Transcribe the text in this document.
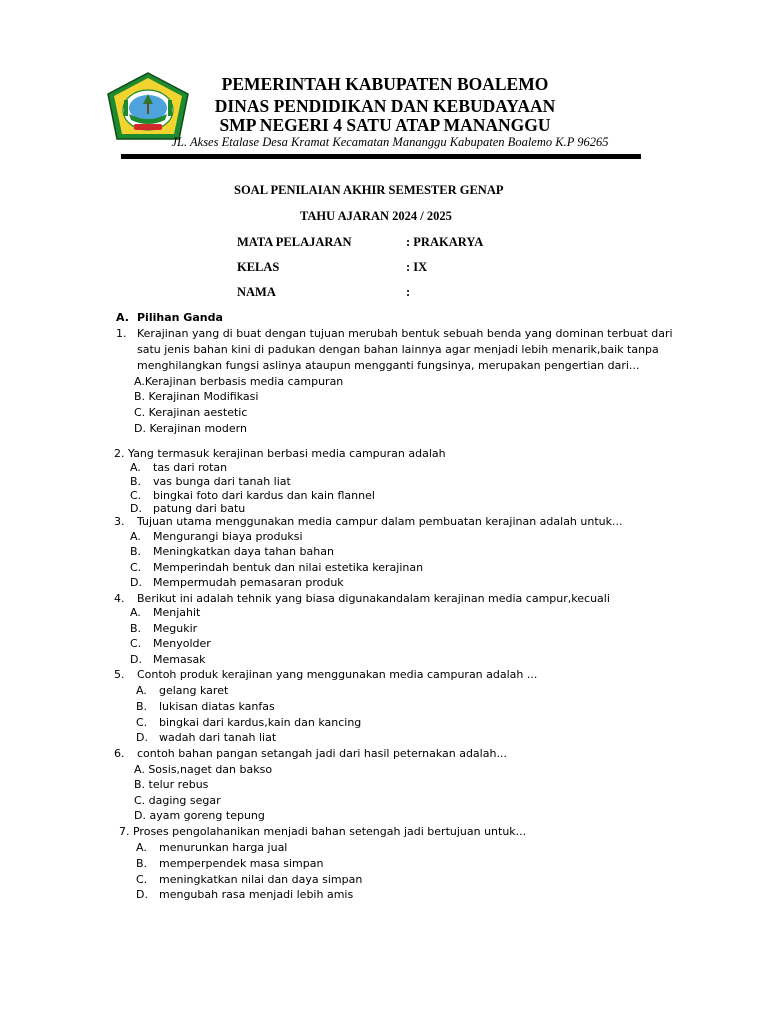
PEMERINTAH KABUPATEN BOALEMO
DINAS PENDIDIKAN DAN KEBUDAYAAN
SMP NEGERI 4 SATU ATAP MANANGGU
JL. Akses Etalase Desa Kramat Kecamatan Mananggu Kabupaten Boalemo K.P 96265
SOAL PENILAIAN AKHIR SEMESTER GENAP
TAHU AJARAN 2024 / 2025
MATA PELAJARAN	: PRAKARYA
KELAS	: IX
NAMA	:
A. Pilihan Ganda
1. Kerajinan yang di buat dengan tujuan merubah bentuk sebuah benda yang dominan terbuat dari
satu jenis bahan kini di padukan dengan bahan lainnya agar menjadi lebih menarik,baik tanpa
menghilangkan fungsi aslinya ataupun mengganti fungsinya, merupakan pengertian dari...
A.Kerajinan berbasis media campuran
B. Kerajinan Modifikasi
C. Kerajinan aestetic
D. Kerajinan modern
2. Yang termasuk kerajinan berbasi media campuran adalah
A. tas dari rotan
B. vas bunga dari tanah liat
C. bingkai foto dari kardus dan kain flannel
D. patung dari batu
3. Tujuan utama menggunakan media campur dalam pembuatan kerajinan adalah untuk...
A. Mengurangi biaya produksi
B. Meningkatkan daya tahan bahan
C. Memperindah bentuk dan nilai estetika kerajinan
D. Mempermudah pemasaran produk
4. Berikut ini adalah tehnik yang biasa digunakandalam kerajinan media campur,kecuali
A. Menjahit
B. Megukir
C. Menyolder
D. Memasak
5. Contoh produk kerajinan yang menggunakan media campuran adalah ...
A. gelang karet
B. lukisan diatas kanfas
C. bingkai dari kardus,kain dan kancing
D. wadah dari tanah liat
6. contoh bahan pangan setangah jadi dari hasil peternakan adalah...
A. Sosis,naget dan bakso
B. telur rebus
C. daging segar
D. ayam goreng tepung
7. Proses pengolahanikan menjadi bahan setengah jadi bertujuan untuk...
A. menurunkan harga jual
B. memperpendek masa simpan
C. meningkatkan nilai dan daya simpan
D. mengubah rasa menjadi lebih amis
